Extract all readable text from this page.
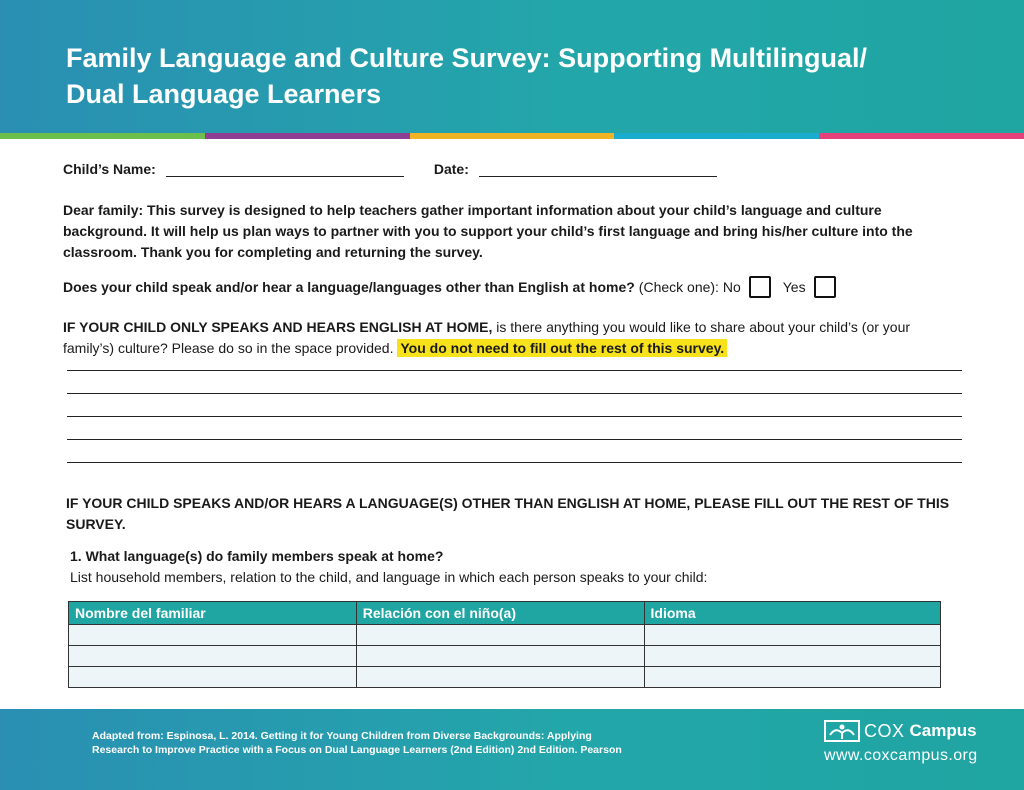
Family Language and Culture Survey: Supporting Multilingual/
Dual Language Learners
Child’s Name:	Date:

Dear family: This survey is designed to help teachers gather important information about your child’s language and culture background. It will help us plan ways to partner with you to support your child’s first language and bring his/her culture into the classroom. Thank you for completing and returning the survey.

Does your child speak and/or hear a language/languages other than English at home? (Check one): No	Yes

IF YOUR CHILD ONLY SPEAKS AND HEARS ENGLISH AT HOME, is there anything you would like to share about your child’s (or your family’s) culture? Please do so in the space provided. You do not need to fill out the rest of this survey.

IF YOUR CHILD SPEAKS AND/OR HEARS A LANGUAGE(S) OTHER THAN ENGLISH AT HOME, PLEASE FILL OUT THE REST OF THIS SURVEY.

1. What language(s) do family members speak at home?

List household members, relation to the child, and language in which each person speaks to your child:

Nombre del familiar	Relación con el niño(a)	Idioma

Adapted from: Espinosa, L. 2014. Getting it for Young Children from Diverse Backgrounds: Applying
Research to Improve Practice with a Focus on Dual Language Learners (2nd Edition) 2nd Edition. Pearson

COX Campus
www.coxcampus.org
